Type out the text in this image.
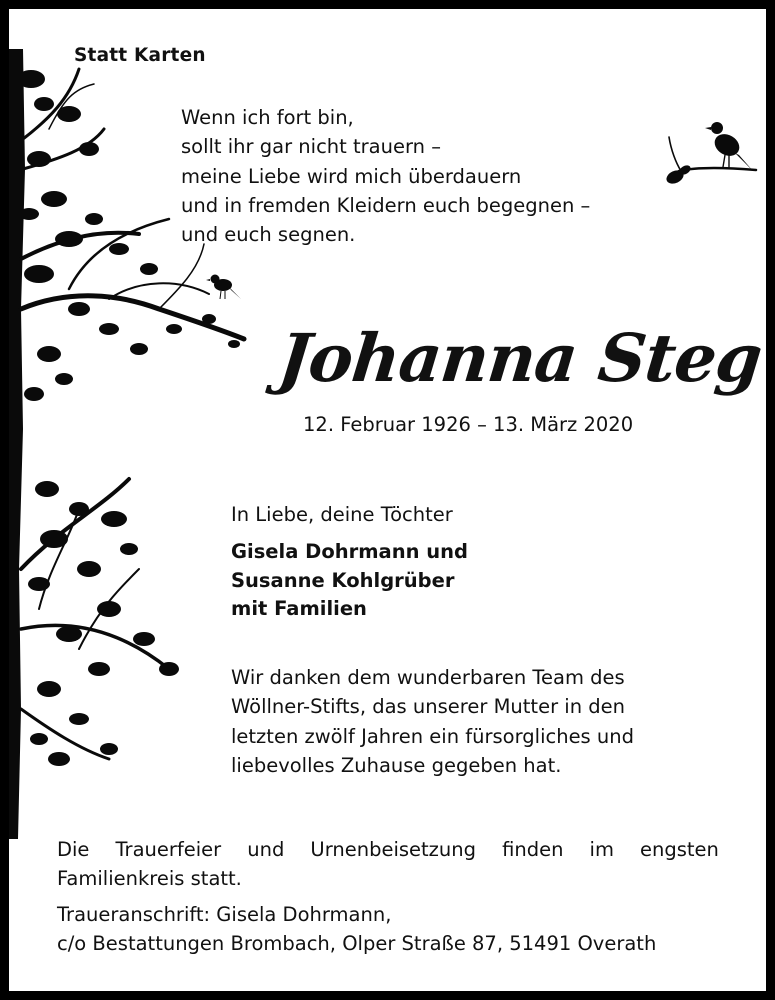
Statt Karten
Wenn ich fort bin,
sollt ihr gar nicht trauern –
meine Liebe wird mich überdauern
und in fremden Kleidern euch begegnen –
und euch segnen.
Johanna Steg
12. Februar 1926 – 13. März 2020
In Liebe, deine Töchter
Gisela Dohrmann und
Susanne Kohlgrüber
mit Familien
Wir danken dem wunderbaren Team des
Wöllner-Stifts, das unserer Mutter in den
letzten zwölf Jahren ein fürsorgliches und
liebevolles Zuhause gegeben hat.
Die Trauerfeier und Urnenbeisetzung finden im engsten
Familienkreis statt.
Traueranschrift: Gisela Dohrmann,
c/o Bestattungen Brombach, Olper Straße 87, 51491 Overath
